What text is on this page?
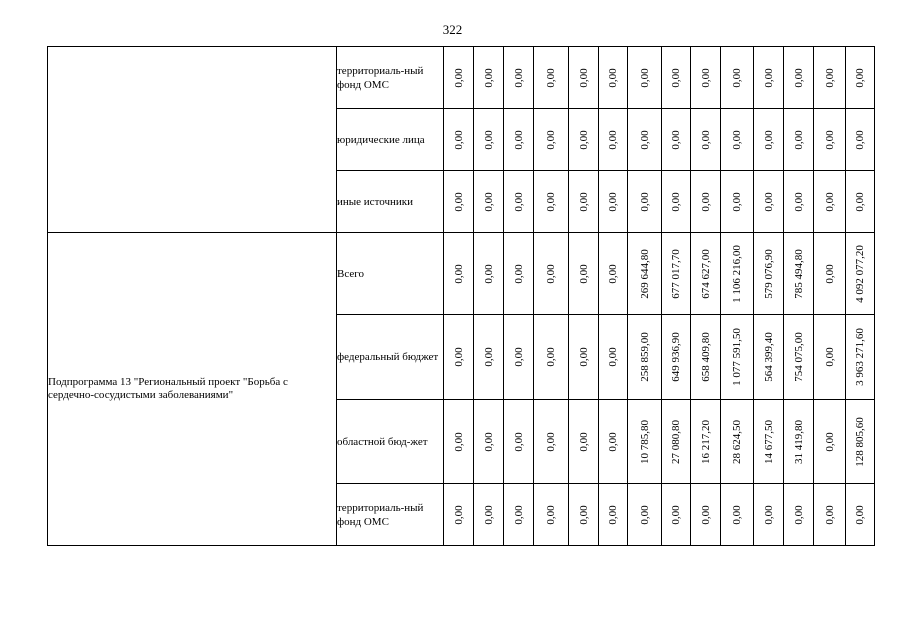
322
	территориаль-ный фонд ОМС	0,00	0,00	0,00	0,00	0,00	0,00	0,00	0,00	0,00	0,00	0,00	0,00	0,00	0,00

	юридические лица	0,00	0,00	0,00	0,00	0,00	0,00	0,00	0,00	0,00	0,00	0,00	0,00	0,00	0,00

	иные источники	0,00	0,00	0,00	0,00	0,00	0,00	0,00	0,00	0,00	0,00	0,00	0,00	0,00	0,00

Подпрограмма 13 "Региональный проект "Борьба с сердечно-сосудистыми заболеваниями"	Всего	0,00	0,00	0,00	0,00	0,00	0,00	269 644,80	677 017,70	674 627,00	1 106 216,00	579 076,90	785 494,80	0,00	4 092 077,20

	федеральный бюджет	0,00	0,00	0,00	0,00	0,00	0,00	258 859,00	649 936,90	658 409,80	1 077 591,50	564 399,40	754 075,00	0,00	3 963 271,60

	областной бюд-жет	0,00	0,00	0,00	0,00	0,00	0,00	10 785,80	27 080,80	16 217,20	28 624,50	14 677,50	31 419,80	0,00	128 805,60

	территориаль-ный фонд ОМС	0,00	0,00	0,00	0,00	0,00	0,00	0,00	0,00	0,00	0,00	0,00	0,00	0,00	0,00
